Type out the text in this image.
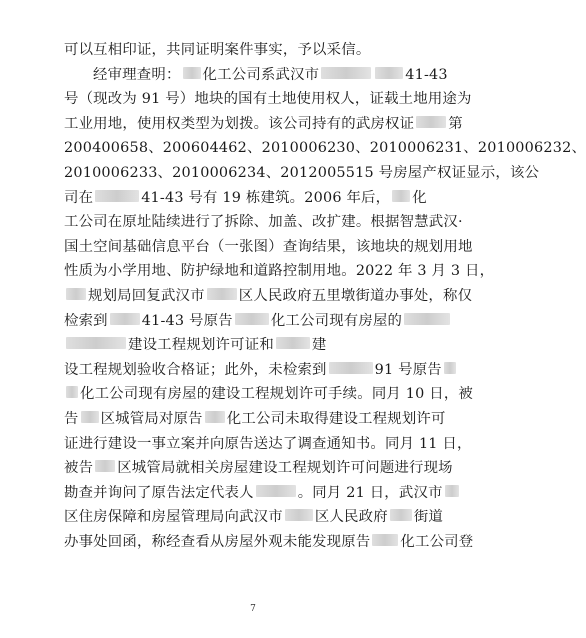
可以互相印证，共同证明案件事实，予以采信。
经审理查明： 化工公司系武汉市	41-43
号（现改为 91 号）地块的国有土地使用权人，证载土地用途为
工业用地，使用权类型为划拨。该公司持有的武房权证 第
200400658、200604462、2010006230、2010006231、2010006232、
2010006233、2010006234、2012005515 号房屋产权证显示，该公
司在	41-43 号有 19 栋建筑。2006 年后， 化
工公司在原址陆续进行了拆除、加盖、改扩建。根据智慧武汉·
国土空间基础信息平台（一张图）查询结果，该地块的规划用地
性质为小学用地、防护绿地和道路控制用地。2022 年 3 月 3 日，
规划局回复武汉市 区人民政府五里墩街道办事处，称仅
检索到 41-43 号原告	化工公司现有房屋的
建设工程规划许可证和	建
设工程规划验收合格证；此外，未检索到	91 号原告
化工公司现有房屋的建设工程规划许可手续。同月 10 日，被
告 区城管局对原告 化工公司未取得建设工程规划许可
证进行建设一事立案并向原告送达了调查通知书。同月 11 日，
被告 区城管局就相关房屋建设工程规划许可问题进行现场
勘查并询问了原告法定代表人	。同月 21 日，武汉市
区住房保障和房屋管理局向武汉市 区人民政府 街道
办事处回函，称经查看从房屋外观未能发现原告 化工公司登
7
